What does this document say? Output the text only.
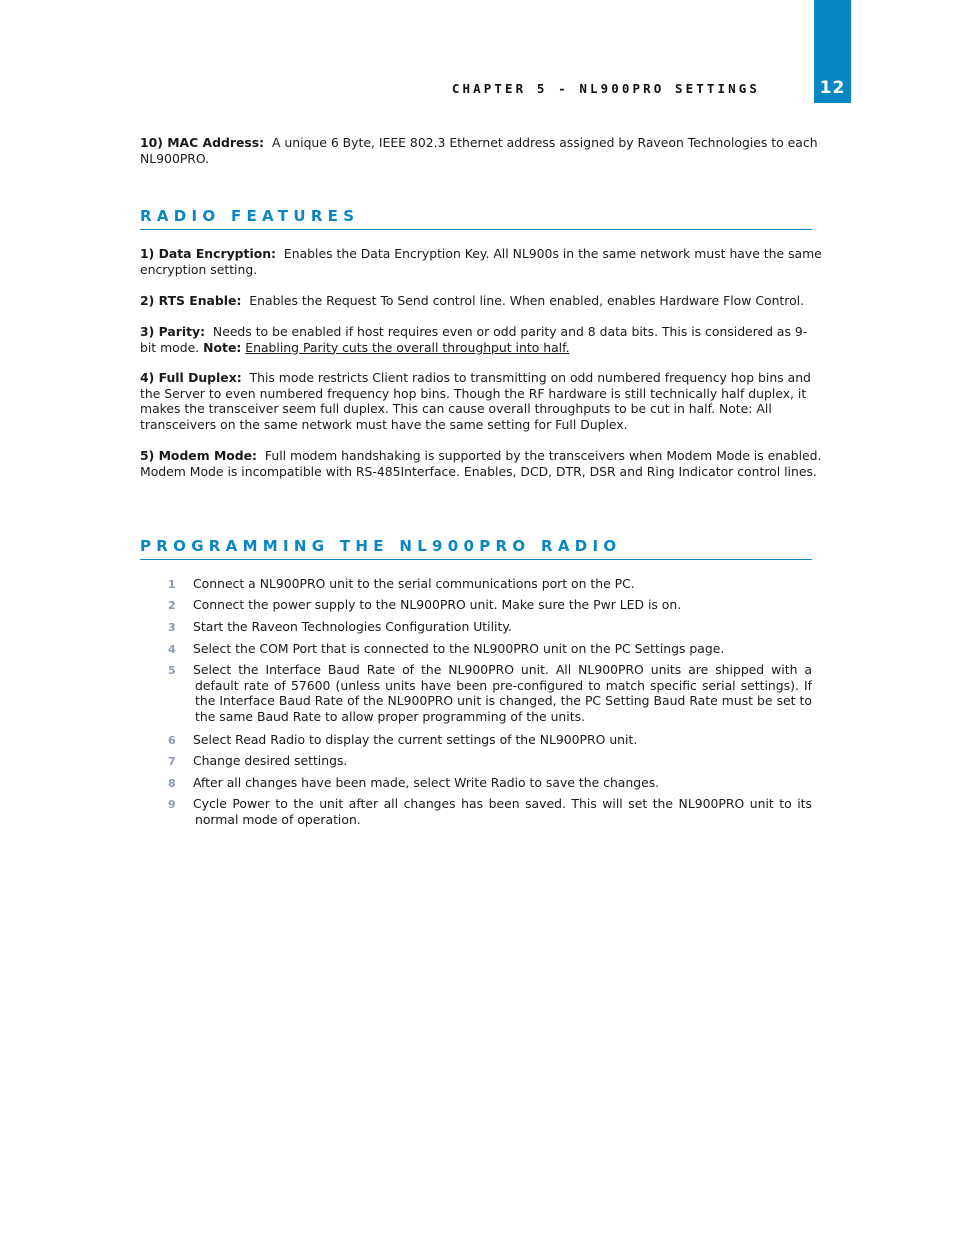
12
CHAPTER 5 - NL900PRO SETTINGS

10) MAC Address: A unique 6 Byte, IEEE 802.3 Ethernet address assigned by Raveon Technologies to each NL900PRO.

RADIO FEATURES

1) Data Encryption: Enables the Data Encryption Key. All NL900s in the same network must have the same encryption setting.

2) RTS Enable: Enables the Request To Send control line. When enabled, enables Hardware Flow Control.

3) Parity: Needs to be enabled if host requires even or odd parity and 8 data bits. This is considered as 9-bit mode. Note: Enabling Parity cuts the overall throughput into half.

4) Full Duplex: This mode restricts Client radios to transmitting on odd numbered frequency hop bins and the Server to even numbered frequency hop bins. Though the RF hardware is still technically half duplex, it makes the transceiver seem full duplex. This can cause overall throughputs to be cut in half. Note: All transceivers on the same network must have the same setting for Full Duplex.

5) Modem Mode: Full modem handshaking is supported by the transceivers when Modem Mode is enabled. Modem Mode is incompatible with RS-485Interface. Enables, DCD, DTR, DSR and Ring Indicator control lines.

PROGRAMMING THE NL900PRO RADIO
1	Connect a NL900PRO unit to the serial communications port on the PC.
2	Connect the power supply to the NL900PRO unit. Make sure the Pwr LED is on.
3	Start the Raveon Technologies Configuration Utility.
4	Select the COM Port that is connected to the NL900PRO unit on the PC Settings page.
5	Select the Interface Baud Rate of the NL900PRO unit. All NL900PRO units are shipped with a default rate of 57600 (unless units have been pre-configured to match specific serial settings). If the Interface Baud Rate of the NL900PRO unit is changed, the PC Setting Baud Rate must be set to the same Baud Rate to allow proper programming of the units.
6	Select Read Radio to display the current settings of the NL900PRO unit.
7	Change desired settings.
8	After all changes have been made, select Write Radio to save the changes.
9	Cycle Power to the unit after all changes has been saved. This will set the NL900PRO unit to its normal mode of operation.
